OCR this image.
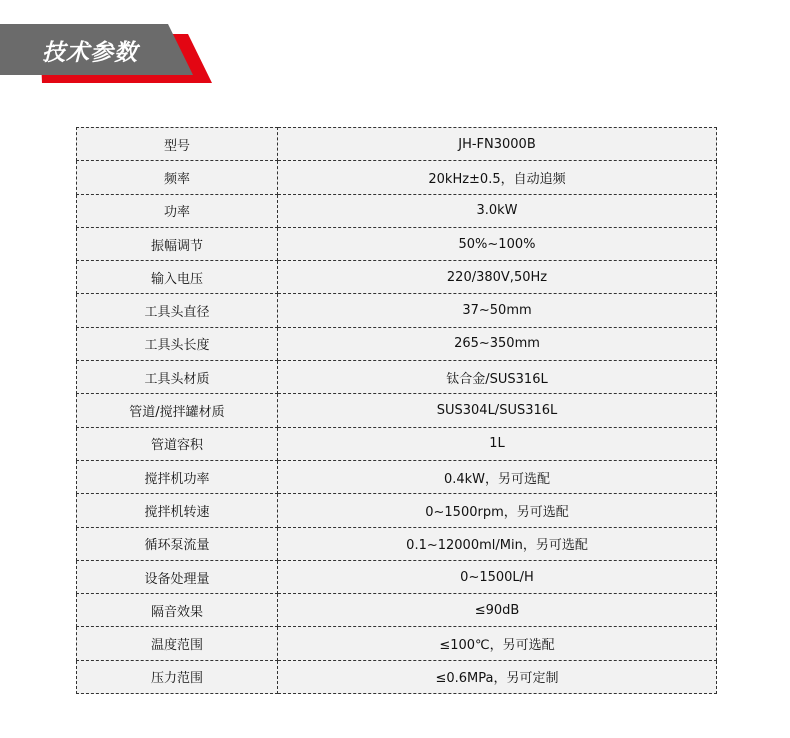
技术参数
型号	JH-FN3000B
频率	20kHz±0.5，自动追频
功率	3.0kW
振幅调节	50%~100%
输入电压	220/380V,50Hz
工具头直径	37~50mm
工具头长度	265~350mm
工具头材质	钛合金/SUS316L
管道/搅拌罐材质	SUS304L/SUS316L
管道容积	1L
搅拌机功率	0.4kW，另可选配
搅拌机转速	0~1500rpm，另可选配
循环泵流量	0.1~12000ml/Min，另可选配
设备处理量	0~1500L/H
隔音效果	≤90dB
温度范围	≤100℃，另可选配
压力范围	≤0.6MPa，另可定制
